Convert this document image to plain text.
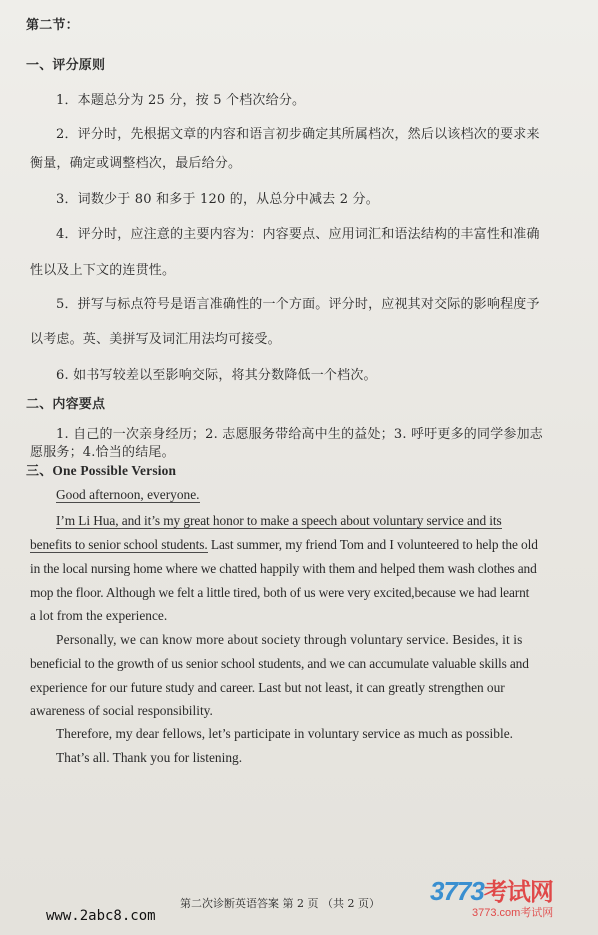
第二节：
一、评分原则
1．本题总分为 25 分，按 5 个档次给分。
2．评分时，先根据文章的内容和语言初步确定其所属档次，然后以该档次的要求来
衡量，确定或调整档次，最后给分。
3．词数少于 80 和多于 120 的，从总分中减去 2 分。
4．评分时，应注意的主要内容为：内容要点、应用词汇和语法结构的丰富性和准确
性以及上下文的连贯性。
5．拼写与标点符号是语言准确性的一个方面。评分时，应视其对交际的影响程度予
以考虑。英、美拼写及词汇用法均可接受。
6. 如书写较差以至影响交际，将其分数降低一个档次。
二、内容要点
1. 自己的一次亲身经历；2. 志愿服务带给高中生的益处；3. 呼吁更多的同学参加志
愿服务；4.恰当的结尾。
三、One Possible Version
Good afternoon, everyone.
I’m Li Hua, and it’s my great honor to make a speech about voluntary service and its
benefits to senior school students. Last summer, my friend Tom and I volunteered to help the old
in the local nursing home where we chatted happily with them and helped them wash clothes and
mop the floor. Although we felt a little tired, both of us were very excited,because we had learnt
a lot from the experience.
Personally, we can know more about society through voluntary service. Besides, it is
beneficial to the growth of us senior school students, and we can accumulate valuable skills and
experience for our future study and career. Last but not least, it can greatly strengthen our
awareness of social responsibility.
Therefore, my dear fellows, let’s participate in voluntary service as much as possible.
That’s all. Thank you for listening.
第二次诊断英语答案 第 2 页 （共 2 页）
www.2abc8.com
3773考试网
3773.com考试网
